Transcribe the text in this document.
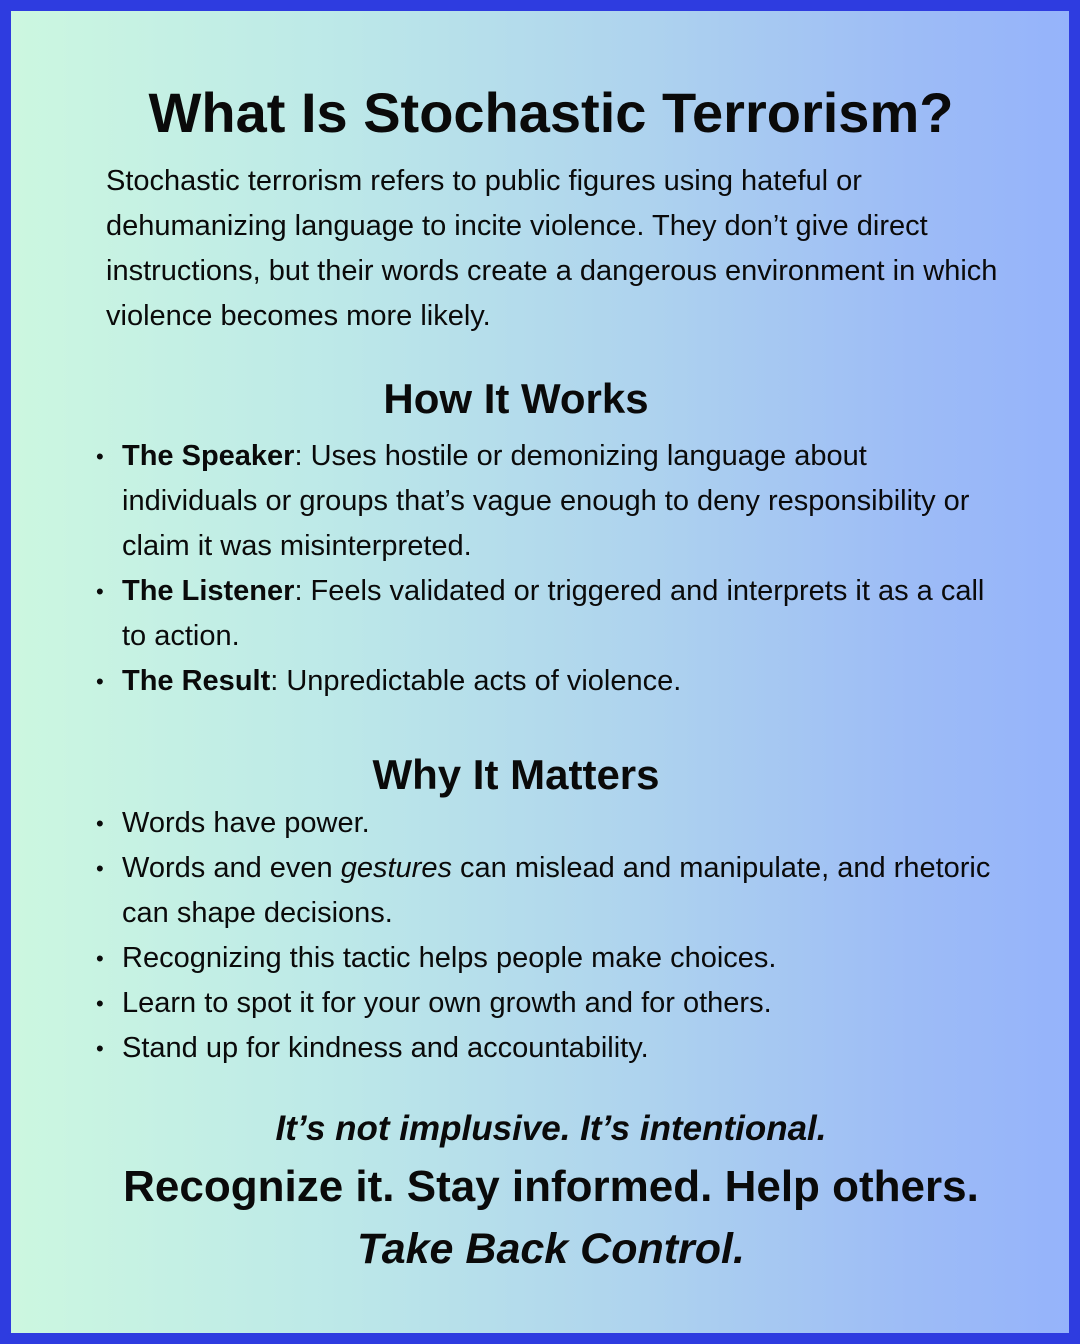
What Is Stochastic Terrorism?

Stochastic terrorism refers to public figures using hateful or dehumanizing language to incite violence. They don’t give direct instructions, but their words create a dangerous environment in which violence becomes more likely.

How It Works
• The Speaker: Uses hostile or demonizing language about individuals or groups that’s vague enough to deny responsibility or claim it was misinterpreted.
• The Listener: Feels validated or triggered and interprets it as a call to action.
• The Result: Unpredictable acts of violence.
Why It Matters
• Words have power.
• Words and even gestures can mislead and manipulate, and rhetoric can shape decisions.
• Recognizing this tactic helps people make choices.
• Learn to spot it for your own growth and for others.
• Stand up for kindness and accountability.

It’s not implusive. It’s intentional.

Recognize it. Stay informed. Help others.

Take Back Control.
